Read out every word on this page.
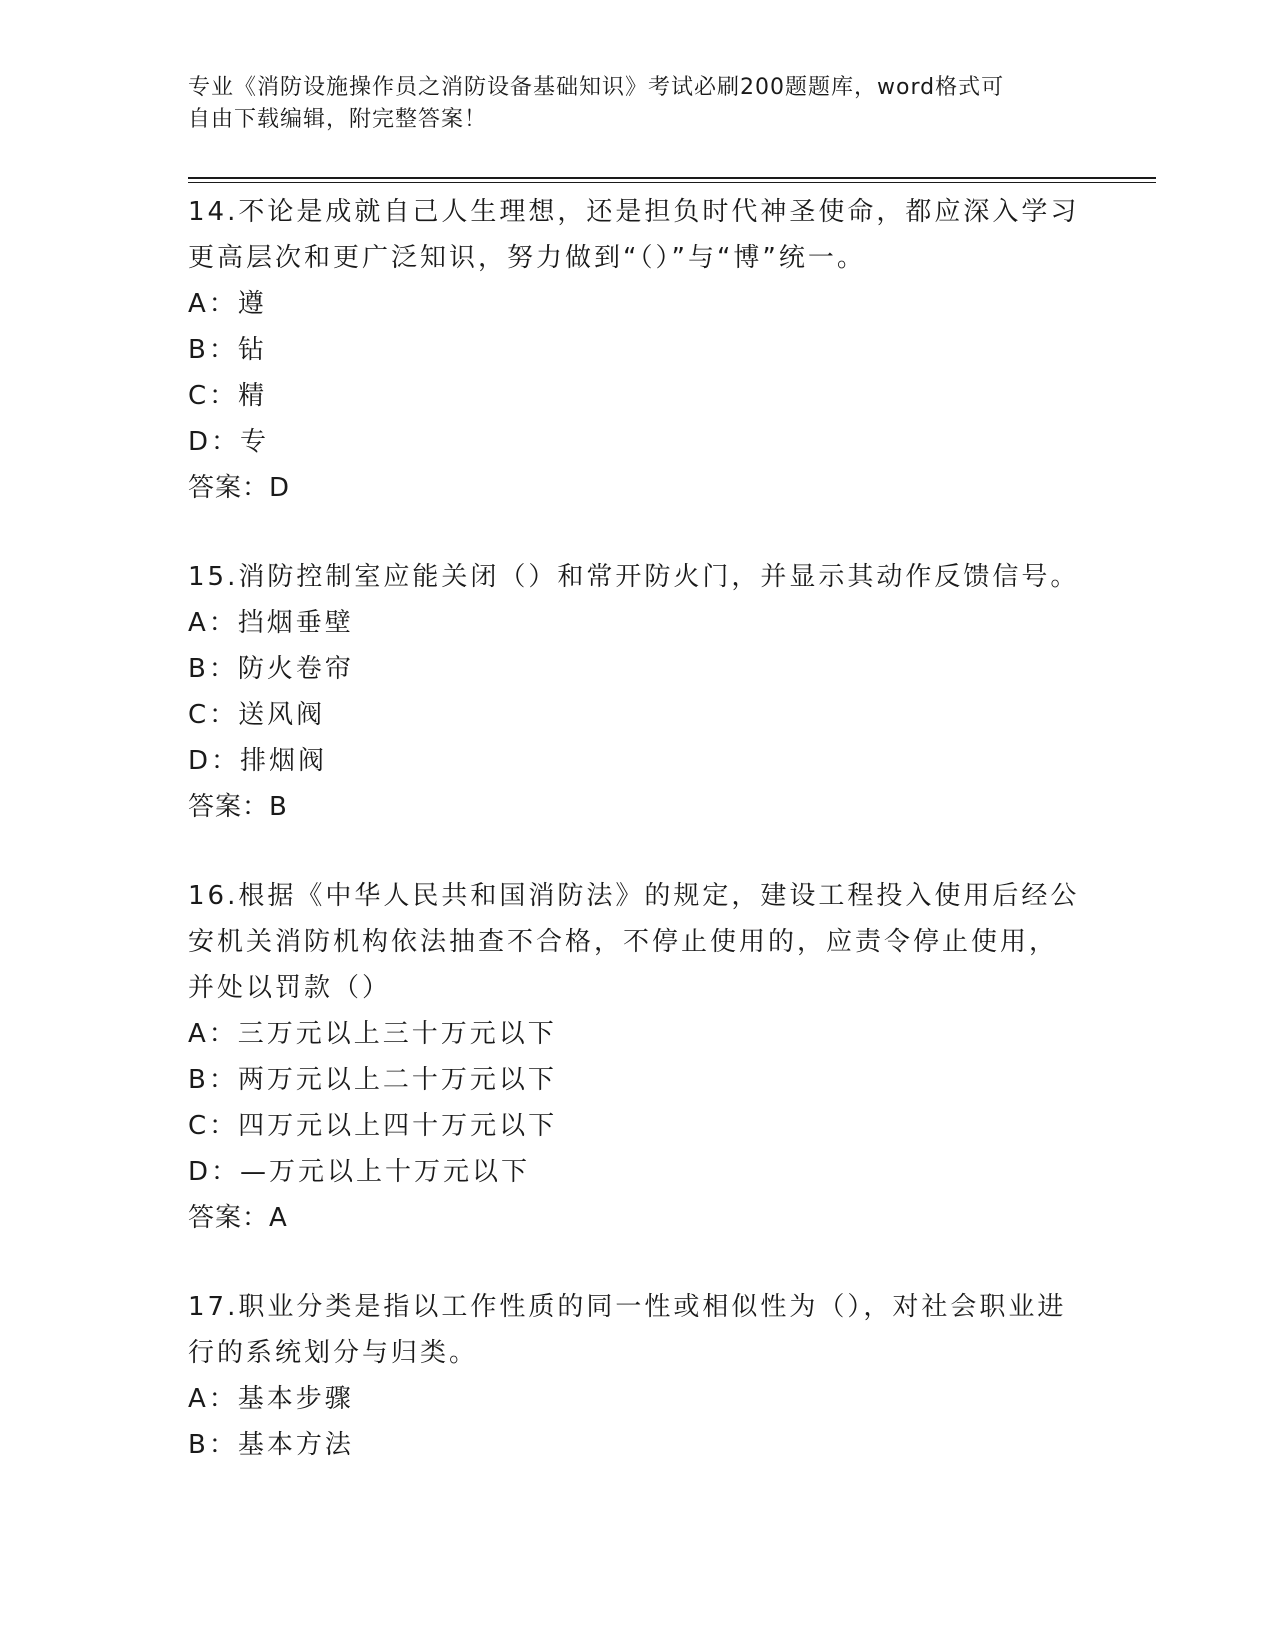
专业《消防设施操作员之消防设备基础知识》考试必刷200题题库，word格式可
自由下载编辑，附完整答案！

14.不论是成就自己人生理想，还是担负时代神圣使命，都应深入学习

更高层次和更广泛知识，努力做到“（）”与“博”统一。

A：遵

B：钻

C：精

D：专

答案：D

15.消防控制室应能关闭（）和常开防火门，并显示其动作反馈信号。

A：挡烟垂壁

B：防火卷帘

C：送风阀

D：排烟阀

答案：B

16.根据《中华人民共和国消防法》的规定，建设工程投入使用后经公

安机关消防机构依法抽查不合格，不停止使用的，应责令停止使用，

并处以罚款（）

A：三万元以上三十万元以下

B：两万元以上二十万元以下

C：四万元以上四十万元以下

D：—万元以上十万元以下

答案：A

17.职业分类是指以工作性质的同一性或相似性为（），对社会职业进

行的系统划分与归类。

A：基本步骤

B：基本方法
